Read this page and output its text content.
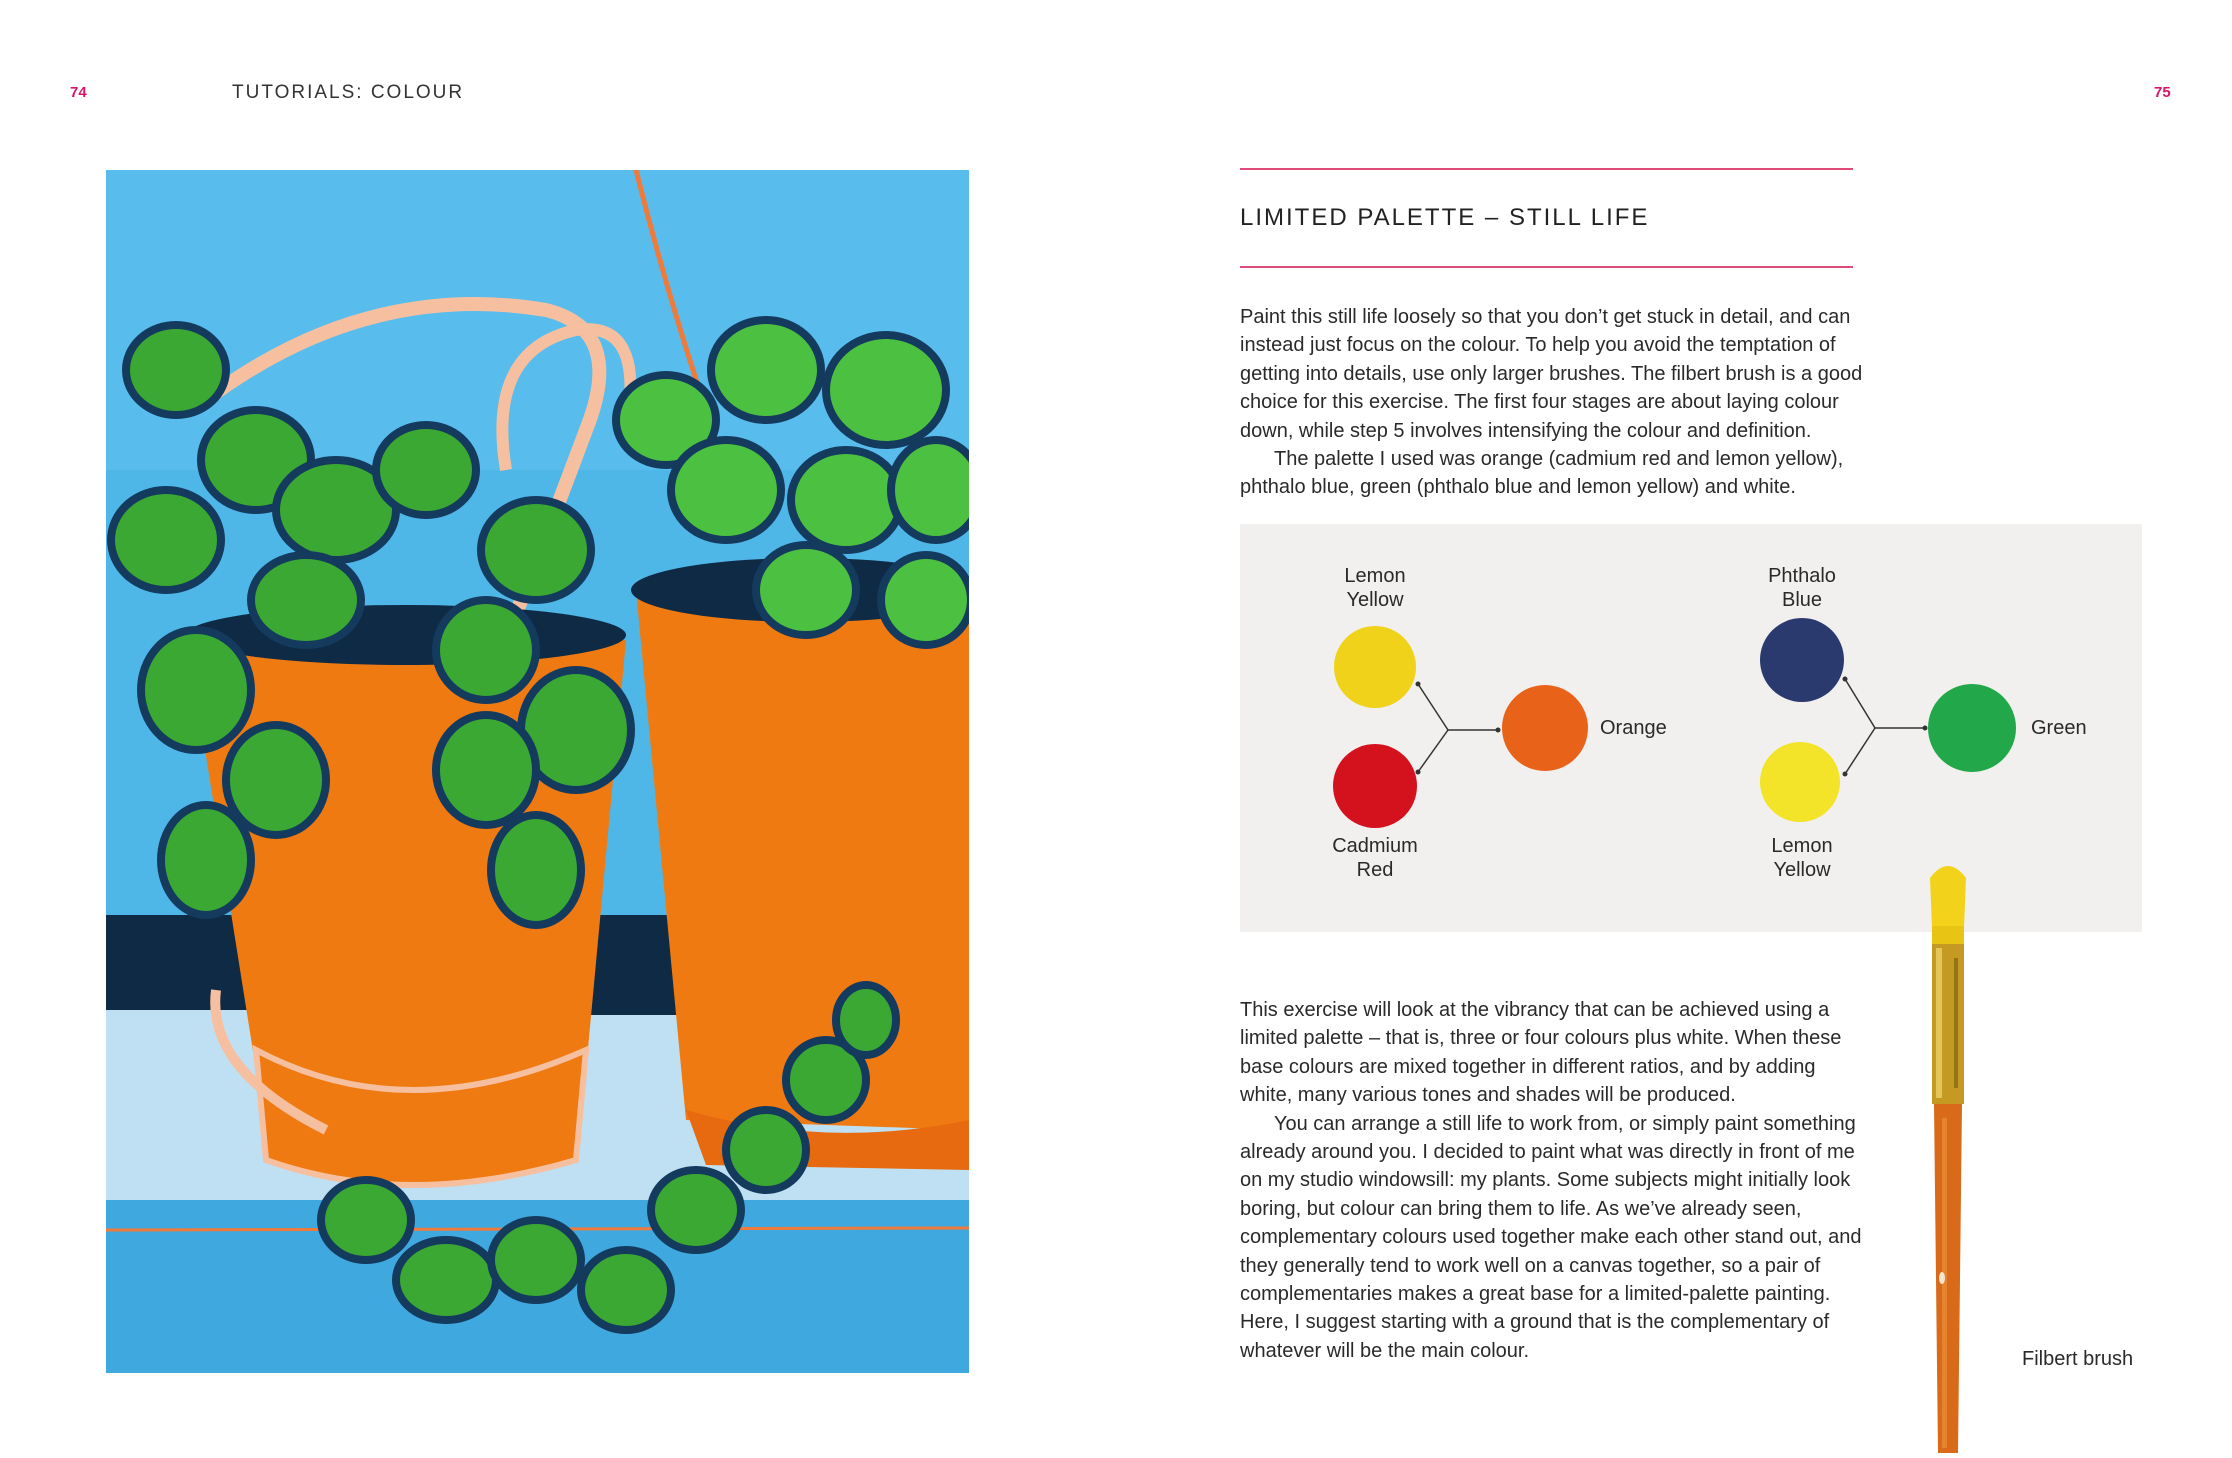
74	TUTORIALS: COLOUR	75
LIMITED PALETTE – STILL LIFE

Paint this still life loosely so that you don’t get stuck in detail, and can instead just focus on the colour. To help you avoid the temptation of getting into details, use only larger brushes. The filbert brush is a good choice for this exercise. The first four stages are about laying colour down, while step 5 involves intensifying the colour and definition.

The palette I used was orange (cadmium red and lemon yellow), phthalo blue, green (phthalo blue and lemon yellow) and white.

Lemon
Yellow
Cadmium
Red
Orange
Phthalo
Blue
Lemon
Yellow
Green

This exercise will look at the vibrancy that can be achieved using a limited palette – that is, three or four colours plus white. When these base colours are mixed together in different ratios, and by adding white, many various tones and shades will be produced.

You can arrange a still life to work from, or simply paint something already around you. I decided to paint what was directly in front of me on my studio windowsill: my plants. Some subjects might initially look boring, but colour can bring them to life. As we’ve already seen, complementary colours used together make each other stand out, and they generally tend to work well on a canvas together, so a pair of complementaries makes a great base for a limited-palette painting. Here, I suggest starting with a ground that is the complementary of whatever will be the main colour.	Filbert brush
